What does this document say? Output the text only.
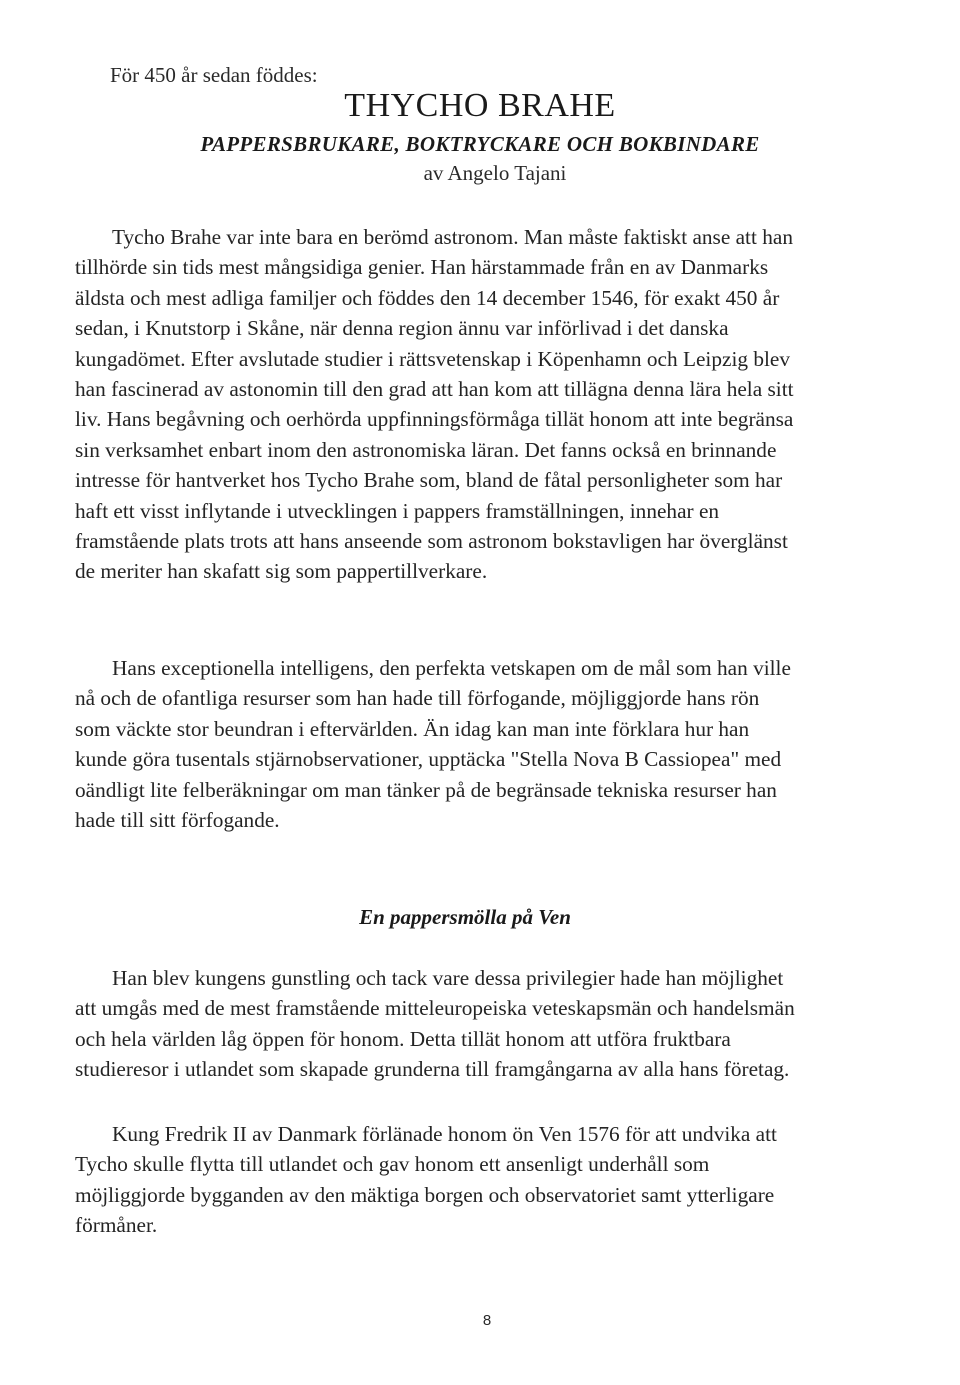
För 450 år sedan föddes:
THYCHO BRAHE
PAPPERSBRUKARE, BOKTRYCKARE OCH BOKBINDARE
av Angelo Tajani

Tycho Brahe var inte bara en berömd astronom. Man måste faktiskt anse att han tillhörde sin tids mest mångsidiga genier. Han härstammade från en av Danmarks äldsta och mest adliga familjer och föddes den 14 december 1546, för exakt 450 år sedan, i Knutstorp i Skåne, när denna region ännu var införlivad i det danska kungadömet. Efter avslutade studier i rättsvetenskap i Köpenhamn och Leipzig blev han fascinerad av astonomin till den grad att han kom att tillägna denna lära hela sitt liv. Hans begåvning och oerhörda uppfinningsförmåga tillät honom att inte begränsa sin verksamhet enbart inom den astronomiska läran. Det fanns också en brinnande intresse för hantverket hos Tycho Brahe som, bland de fåtal personligheter som har haft ett visst inflytande i utvecklingen i pappers framställningen, innehar en framstående plats trots att hans anseende som astronom bokstavligen har överglänst de meriter han skafatt sig som pappertillverkare.

Hans exceptionella intelligens, den perfekta vetskapen om de mål som han ville nå och de ofantliga resurser som han hade till förfogande, möjliggjorde hans rön som väckte stor beundran i eftervärlden. Än idag kan man inte förklara hur han kunde göra tusentals stjärnobservationer, upptäcka "Stella Nova B Cassiopea" med oändligt lite felberäkningar om man tänker på de begränsade tekniska resurser han hade till sitt förfogande.

En pappersmölla på Ven

Han blev kungens gunstling och tack vare dessa privilegier hade han möjlighet att umgås med de mest framstående mitteleuropeiska veteskapsmän och handelsmän och hela världen låg öppen för honom. Detta tillät honom att utföra fruktbara studieresor i utlandet som skapade grunderna till framgångarna av alla hans företag.

Kung Fredrik II av Danmark förlänade honom ön Ven 1576 för att undvika att Tycho skulle flytta till utlandet och gav honom ett ansenligt underhåll som möjliggjorde bygganden av den mäktiga borgen och observatoriet samt ytterligare förmåner.

8
